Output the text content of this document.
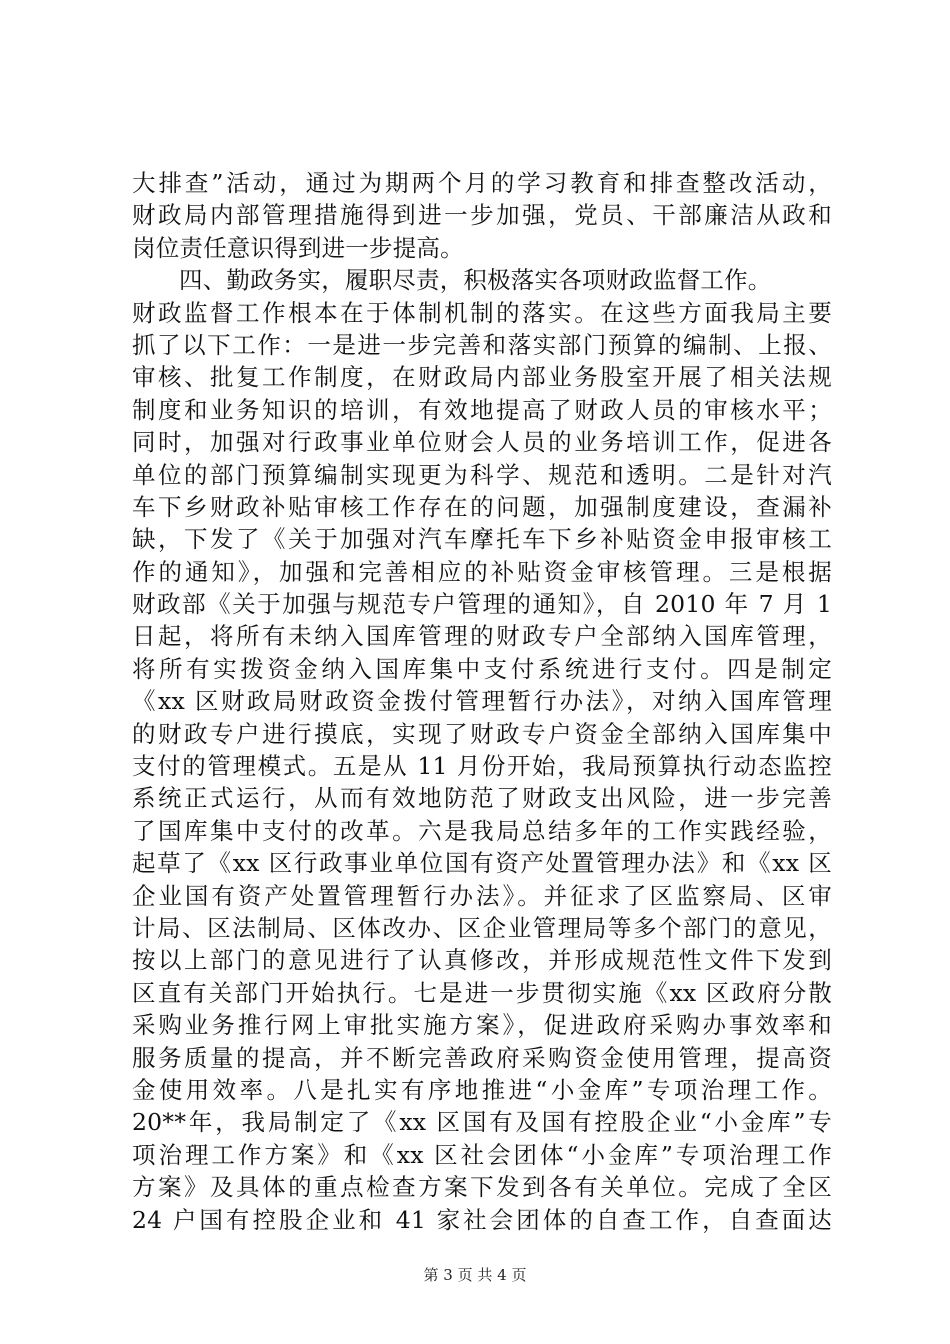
大排查”活动，通过为期两个月的学习教育和排查整改活动，
财政局内部管理措施得到进一步加强，党员、干部廉洁从政和
岗位责任意识得到进一步提高。
四、勤政务实，履职尽责，积极落实各项财政监督工作。
财政监督工作根本在于体制机制的落实。在这些方面我局主要
抓了以下工作：一是进一步完善和落实部门预算的编制、上报、
审核、批复工作制度，在财政局内部业务股室开展了相关法规
制度和业务知识的培训，有效地提高了财政人员的审核水平；
同时，加强对行政事业单位财会人员的业务培训工作，促进各
单位的部门预算编制实现更为科学、规范和透明。二是针对汽
车下乡财政补贴审核工作存在的问题，加强制度建设，查漏补
缺，下发了《关于加强对汽车摩托车下乡补贴资金申报审核工
作的通知》，加强和完善相应的补贴资金审核管理。三是根据
财政部《关于加强与规范专户管理的通知》，自 2010 年 7 月 1
日起，将所有未纳入国库管理的财政专户全部纳入国库管理，
将所有实拨资金纳入国库集中支付系统进行支付。四是制定
《xx 区财政局财政资金拨付管理暂行办法》，对纳入国库管理
的财政专户进行摸底，实现了财政专户资金全部纳入国库集中
支付的管理模式。五是从 11 月份开始，我局预算执行动态监控
系统正式运行，从而有效地防范了财政支出风险，进一步完善
了国库集中支付的改革。六是我局总结多年的工作实践经验，
起草了《xx 区行政事业单位国有资产处置管理办法》和《xx 区
企业国有资产处置管理暂行办法》。并征求了区监察局、区审
计局、区法制局、区体改办、区企业管理局等多个部门的意见，
按以上部门的意见进行了认真修改，并形成规范性文件下发到
区直有关部门开始执行。七是进一步贯彻实施《xx 区政府分散
采购业务推行网上审批实施方案》，促进政府采购办事效率和
服务质量的提高，并不断完善政府采购资金使用管理，提高资
金使用效率。八是扎实有序地推进“小金库”专项治理工作。
20**年，我局制定了《xx 区国有及国有控股企业“小金库”专
项治理工作方案》和《xx 区社会团体“小金库”专项治理工作
方案》及具体的重点检查方案下发到各有关单位。完成了全区
24 户国有控股企业和 41 家社会团体的自查工作，自查面达
第 3 页 共 4 页
